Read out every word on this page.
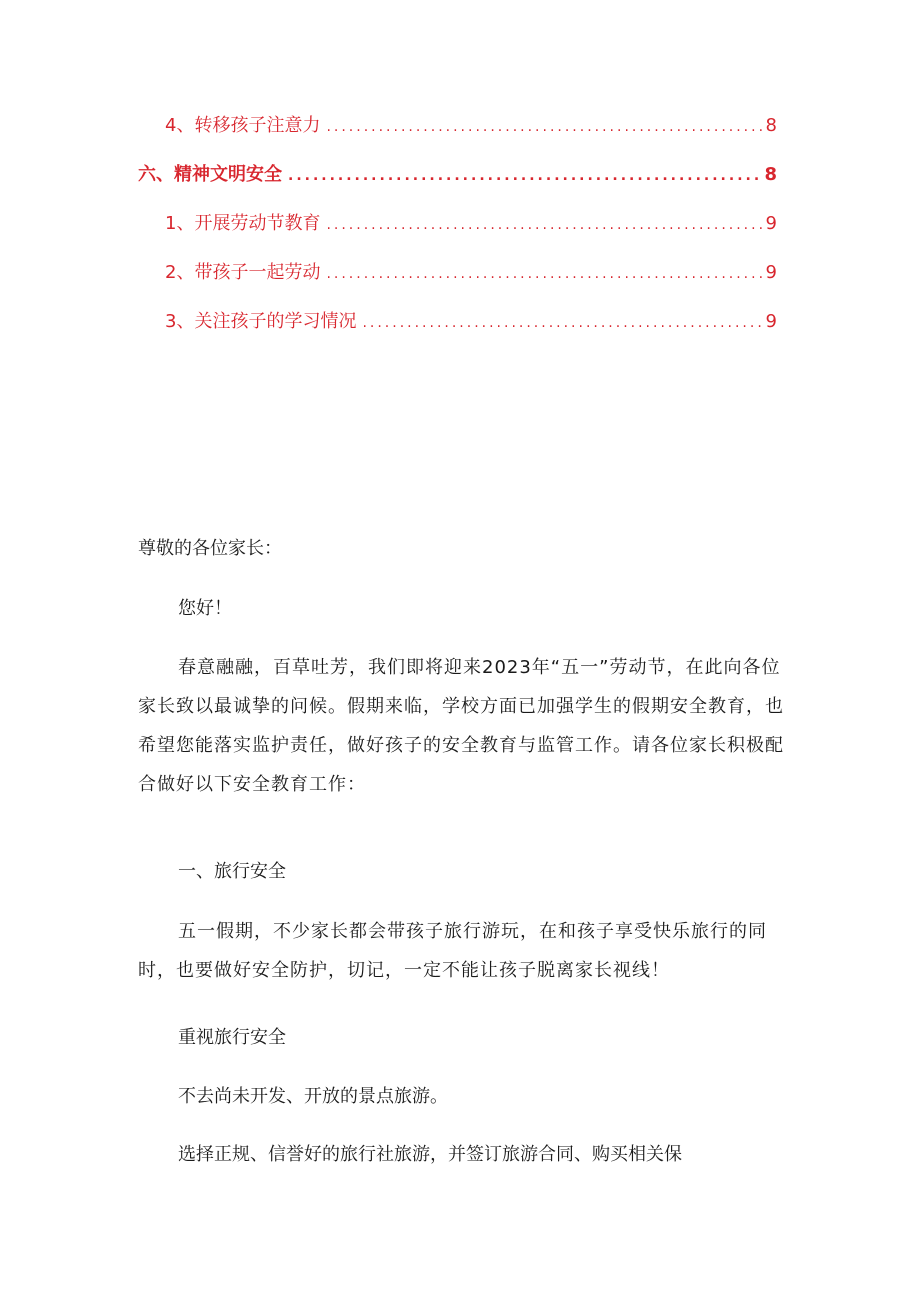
4、转移孩子注意力 .....	8
六、精神文明安全 .....	8
1、开展劳动节教育 .....	9
2、带孩子一起劳动 .....	9
3、关注孩子的学习情况 .....	9
尊敬的各位家长：
您好！
春意融融，百草吐芳，我们即将迎来2023年“五一”劳动节，在此向各位家长致以最诚挚的问候。假期来临，学校方面已加强学生的假期安全教育，也希望您能落实监护责任，做好孩子的安全教育与监管工作。请各位家长积极配合做好以下安全教育工作：
一、旅行安全
五一假期，不少家长都会带孩子旅行游玩，在和孩子享受快乐旅行的同时，也要做好安全防护，切记，一定不能让孩子脱离家长视线！
重视旅行安全
不去尚未开发、开放的景点旅游。
选择正规、信誉好的旅行社旅游，并签订旅游合同、购买相关保
